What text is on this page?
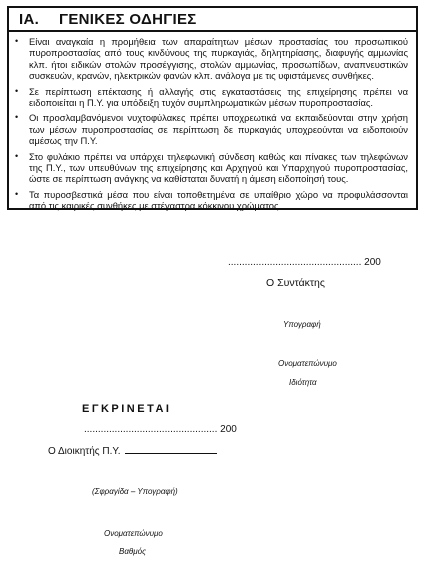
ΙΑ.	ΓΕΝΙΚΕΣ ΟΔΗΓΙΕΣ
• Είναι αναγκαία η προμήθεια των απαραίτητων μέσων προστασίας του προσωπικού πυροπροστασίας από τους κινδύνους της πυρκαγιάς, δηλητηρίασης, διαφυγής αμμωνίας κλπ. ήτοι ειδικών στολών προσέγγισης, στολών αμμωνίας, προσωπίδων, αναπνευστικών συσκευών, κρανών, ηλεκτρικών φανών κλπ. ανάλογα με τις υφιστάμενες συνθήκες.
• Σε περίπτωση επέκτασης ή αλλαγής στις εγκαταστάσεις της επιχείρησης πρέπει να ειδοποιείται η Π.Υ. για υπόδειξη τυχόν συμπληρωματικών μέσων πυροπροστασίας.
• Οι προσλαμβανόμενοι νυχτοφύλακες πρέπει υποχρεωτικά να εκπαιδεύονται στην χρήση των μέσων πυροπροστασίας σε περίπτωση δε πυρκαγιάς υποχρεούνται να ειδοποιούν αμέσως την Π.Υ.
• Στο φυλάκιο πρέπει να υπάρχει τηλεφωνική σύνδεση καθώς και πίνακες των τηλεφώνων της Π.Υ., των υπευθύνων της επιχείρησης και Αρχηγού και Υπαρχηγού πυροπροστασίας, ώστε σε περίπτωση ανάγκης να καθίσταται δυνατή η άμεση ειδοποίησή τους.
• Τα πυροσβεστικά μέσα που είναι τοποθετημένα σε υπαίθριο χώρο να προφυλάσσονται από τις καιρικές συνθήκες με στέγαστρα κόκκινου χρώματος.
................................................ 200
Ο Συντάκτης
Υπογραφή
Ονοματεπώνυμο
Ιδιότητα
ΕΓΚΡΙΝΕΤΑΙ
................................................ 200
Ο Διοικητής Π.Υ.
(Σφραγίδα – Υπογραφή)
Ονοματεπώνυμο
Βαθμός
